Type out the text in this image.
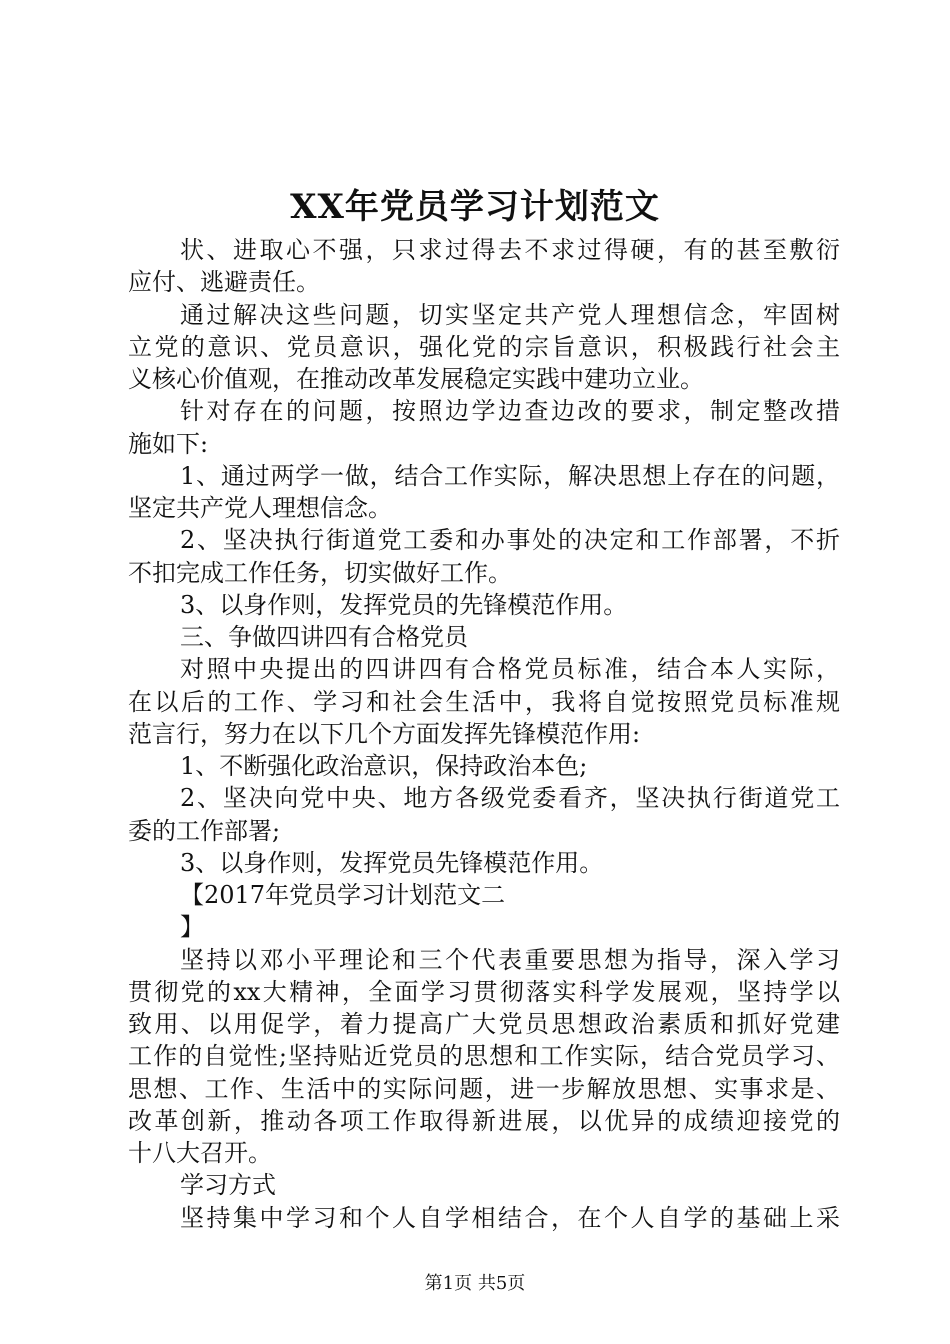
XX年党员学习计划范文
状、进取心不强，只求过得去不求过得硬，有的甚至敷衍
应付、逃避责任。
通过解决这些问题，切实坚定共产党人理想信念，牢固树
立党的意识、党员意识，强化党的宗旨意识，积极践行社会主
义核心价值观，在推动改革发展稳定实践中建功立业。
针对存在的问题，按照边学边查边改的要求，制定整改措
施如下:
1、通过两学一做，结合工作实际，解决思想上存在的问题，
坚定共产党人理想信念。
2、坚决执行街道党工委和办事处的决定和工作部署，不折
不扣完成工作任务，切实做好工作。
3、以身作则，发挥党员的先锋模范作用。
三、争做四讲四有合格党员
对照中央提出的四讲四有合格党员标准，结合本人实际，
在以后的工作、学习和社会生活中，我将自觉按照党员标准规
范言行，努力在以下几个方面发挥先锋模范作用:
1、不断强化政治意识，保持政治本色;
2、坚决向党中央、地方各级党委看齐，坚决执行街道党工
委的工作部署;
3、以身作则，发挥党员先锋模范作用。
【2017年党员学习计划范文二
】
坚持以邓小平理论和三个代表重要思想为指导，深入学习
贯彻党的xx大精神，全面学习贯彻落实科学发展观，坚持学以
致用、以用促学，着力提高广大党员思想政治素质和抓好党建
工作的自觉性;坚持贴近党员的思想和工作实际，结合党员学习、
思想、工作、生活中的实际问题，进一步解放思想、实事求是、
改革创新，推动各项工作取得新进展，以优异的成绩迎接党的
十八大召开。
学习方式
坚持集中学习和个人自学相结合，在个人自学的基础上采
第1页 共5页
